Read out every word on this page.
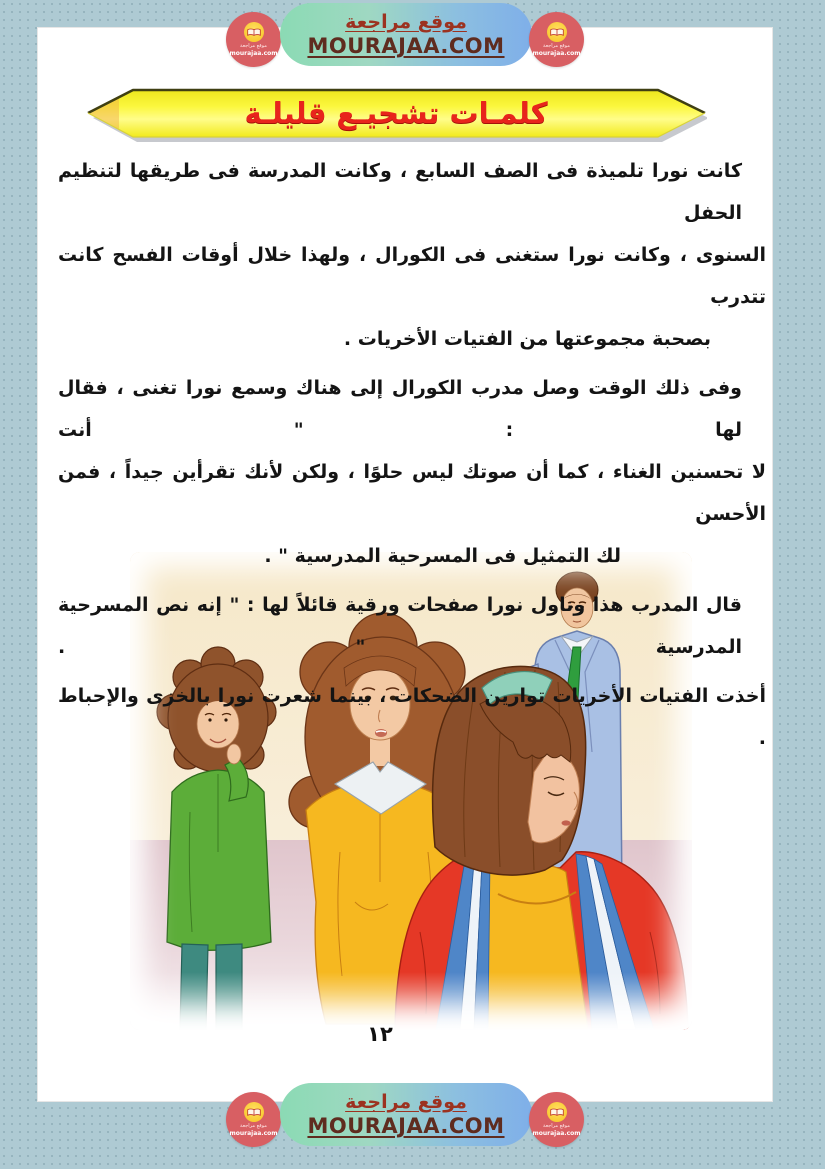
موقع مراجعة
mourajaa.com
موقع مراجعة
MOURAJAA.COM	موقع مراجعة
mourajaa.com
كلمـات تشجيـع قليلـة
كانت نورا تلميذة فى الصف السابع ، وكانت المدرسة فى طريقها لتنظيم الحفل
السنوى ، وكانت نورا ستغنى فى الكورال ، ولهذا خلال أوقات الفسح كانت تتدرب
بصحبة مجموعتها من الفتيات الأخريات .
وفى ذلك الوقت وصل مدرب الكورال إلى هناك وسمع نورا تغنى ، فقال لها : " أنت
لا تحسنين الغناء ، كما أن صوتك ليس حلوًا ، ولكن لأنك تقرأين جيداً ، فمن الأحسن
لك التمثيل فى المسرحية المدرسية " .
قال المدرب هذا وناول نورا صفحات ورقية قائلاً لها : " إنه نص المسرحية المدرسية " .
أخذت الفتيات الأخريات توارين الضحكات ، بينما شعرت نورا بالخزى والإحباط .
١٢
موقع مراجعة
mourajaa.com
موقع مراجعة
MOURAJAA.COM	موقع مراجعة
mourajaa.com
